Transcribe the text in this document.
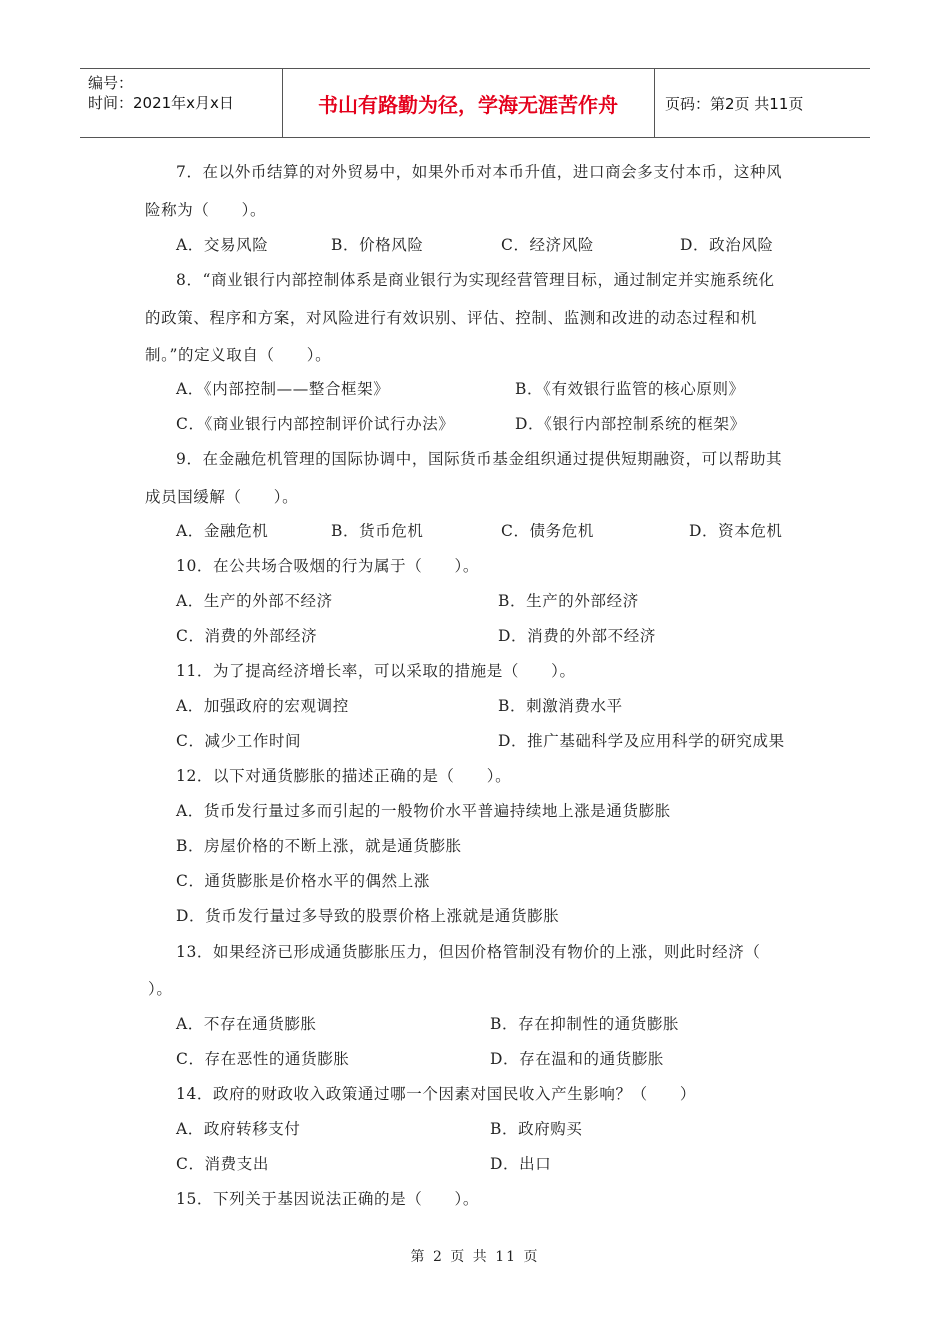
编号：
时间：2021年x月x日	书山有路勤为径，学海无涯苦作舟	页码：第2页 共11页
7．在以外币结算的对外贸易中，如果外币对本币升值，进口商会多支付本币，这种风
险称为（　　）。
A．交易风险	B．价格风险	C．经济风险	D．政治风险
8．“商业银行内部控制体系是商业银行为实现经营管理目标，通过制定并实施系统化
的政策、程序和方案，对风险进行有效识别、评估、控制、监测和改进的动态过程和机
制。”的定义取自（　　）。
A．《内部控制——整合框架》	B．《有效银行监管的核心原则》
C．《商业银行内部控制评价试行办法》	D．《银行内部控制系统的框架》
9．在金融危机管理的国际协调中，国际货币基金组织通过提供短期融资，可以帮助其
成员国缓解（　　）。
A．金融危机	B．货币危机	C．债务危机	D．资本危机
10．在公共场合吸烟的行为属于（　　）。
A．生产的外部不经济	B．生产的外部经济
C．消费的外部经济	D．消费的外部不经济
11．为了提高经济增长率，可以采取的措施是（　　）。
A．加强政府的宏观调控	B．刺激消费水平
C．减少工作时间	D．推广基础科学及应用科学的研究成果
12．以下对通货膨胀的描述正确的是（　　）。
A．货币发行量过多而引起的一般物价水平普遍持续地上涨是通货膨胀
B．房屋价格的不断上涨，就是通货膨胀
C．通货膨胀是价格水平的偶然上涨
D．货币发行量过多导致的股票价格上涨就是通货膨胀
13．如果经济已形成通货膨胀压力，但因价格管制没有物价的上涨，则此时经济（
）。
A．不存在通货膨胀	B．存在抑制性的通货膨胀
C．存在恶性的通货膨胀	D．存在温和的通货膨胀
14．政府的财政收入政策通过哪一个因素对国民收入产生影响？（　　）
A．政府转移支付	B．政府购买
C．消费支出	D．出口
15．下列关于基因说法正确的是（　　）。
第 2 页 共 11 页
